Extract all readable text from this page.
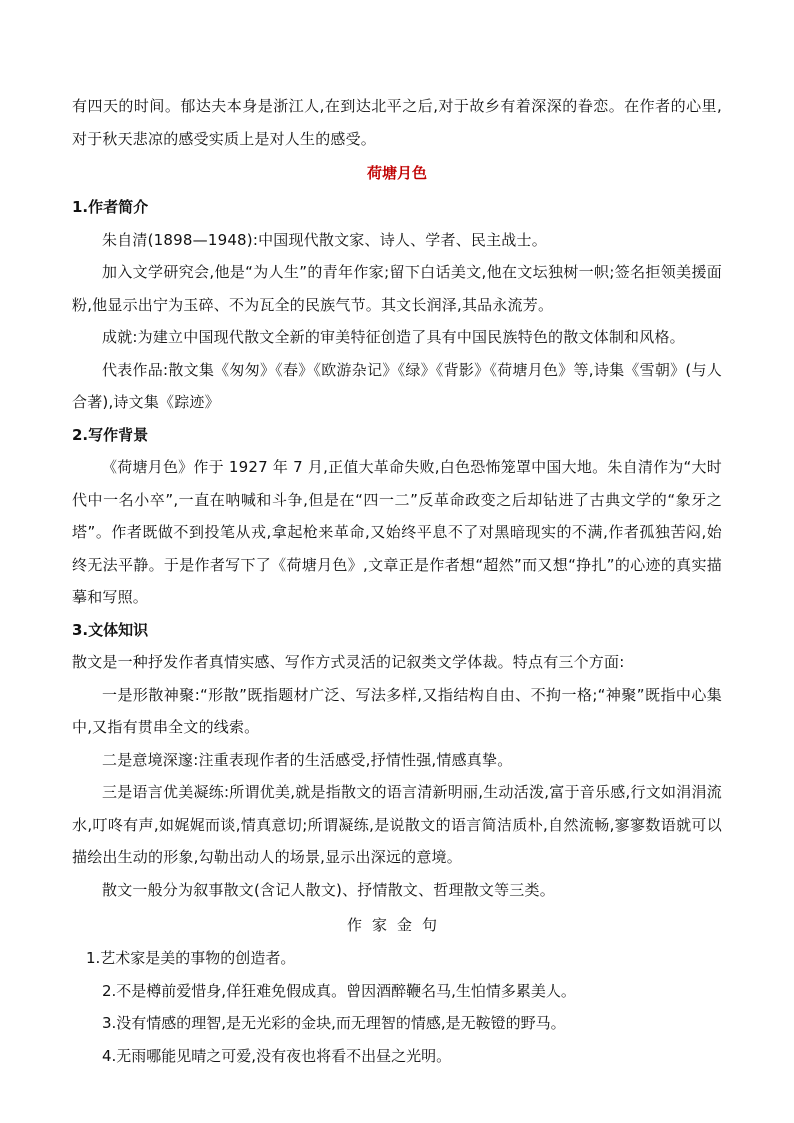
有四天的时间。郁达夫本身是浙江人,在到达北平之后,对于故乡有着深深的眷恋。在作者的心里,对于秋天悲凉的感受实质上是对人生的感受。

荷塘月色

1.作者简介

朱自清(1898—1948):中国现代散文家、诗人、学者、民主战士。

加入文学研究会,他是“为人生”的青年作家;留下白话美文,他在文坛独树一帜;签名拒领美援面粉,他显示出宁为玉碎、不为瓦全的民族气节。其文长润泽,其品永流芳。

成就:为建立中国现代散文全新的审美特征创造了具有中国民族特色的散文体制和风格。

代表作品:散文集《匆匆》《春》《欧游杂记》《绿》《背影》《荷塘月色》等,诗集《雪朝》(与人合著),诗文集《踪迹》

2.写作背景

《荷塘月色》作于 1927 年 7 月,正值大革命失败,白色恐怖笼罩中国大地。朱自清作为“大时代中一名小卒”,一直在呐喊和斗争,但是在“四一二”反革命政变之后却钻进了古典文学的“象牙之塔”。作者既做不到投笔从戎,拿起枪来革命,又始终平息不了对黑暗现实的不满,作者孤独苦闷,始终无法平静。于是作者写下了《荷塘月色》,文章正是作者想“超然”而又想“挣扎”的心迹的真实描摹和写照。

3.文体知识

散文是一种抒发作者真情实感、写作方式灵活的记叙类文学体裁。特点有三个方面:

一是形散神聚:“形散”既指题材广泛、写法多样,又指结构自由、不拘一格;“神聚”既指中心集中,又指有贯串全文的线索。

二是意境深邃:注重表现作者的生活感受,抒情性强,情感真挚。

三是语言优美凝练:所谓优美,就是指散文的语言清新明丽,生动活泼,富于音乐感,行文如涓涓流水,叮咚有声,如娓娓而谈,情真意切;所谓凝练,是说散文的语言简洁质朴,自然流畅,寥寥数语就可以描绘出生动的形象,勾勒出动人的场景,显示出深远的意境。

散文一般分为叙事散文(含记人散文)、抒情散文、哲理散文等三类。

作家金句

1.艺术家是美的事物的创造者。

2.不是樽前爱惜身,佯狂难免假成真。曾因酒醉鞭名马,生怕情多累美人。

3.没有情感的理智,是无光彩的金块,而无理智的情感,是无鞍镫的野马。

4.无雨哪能见晴之可爱,没有夜也将看不出昼之光明。
